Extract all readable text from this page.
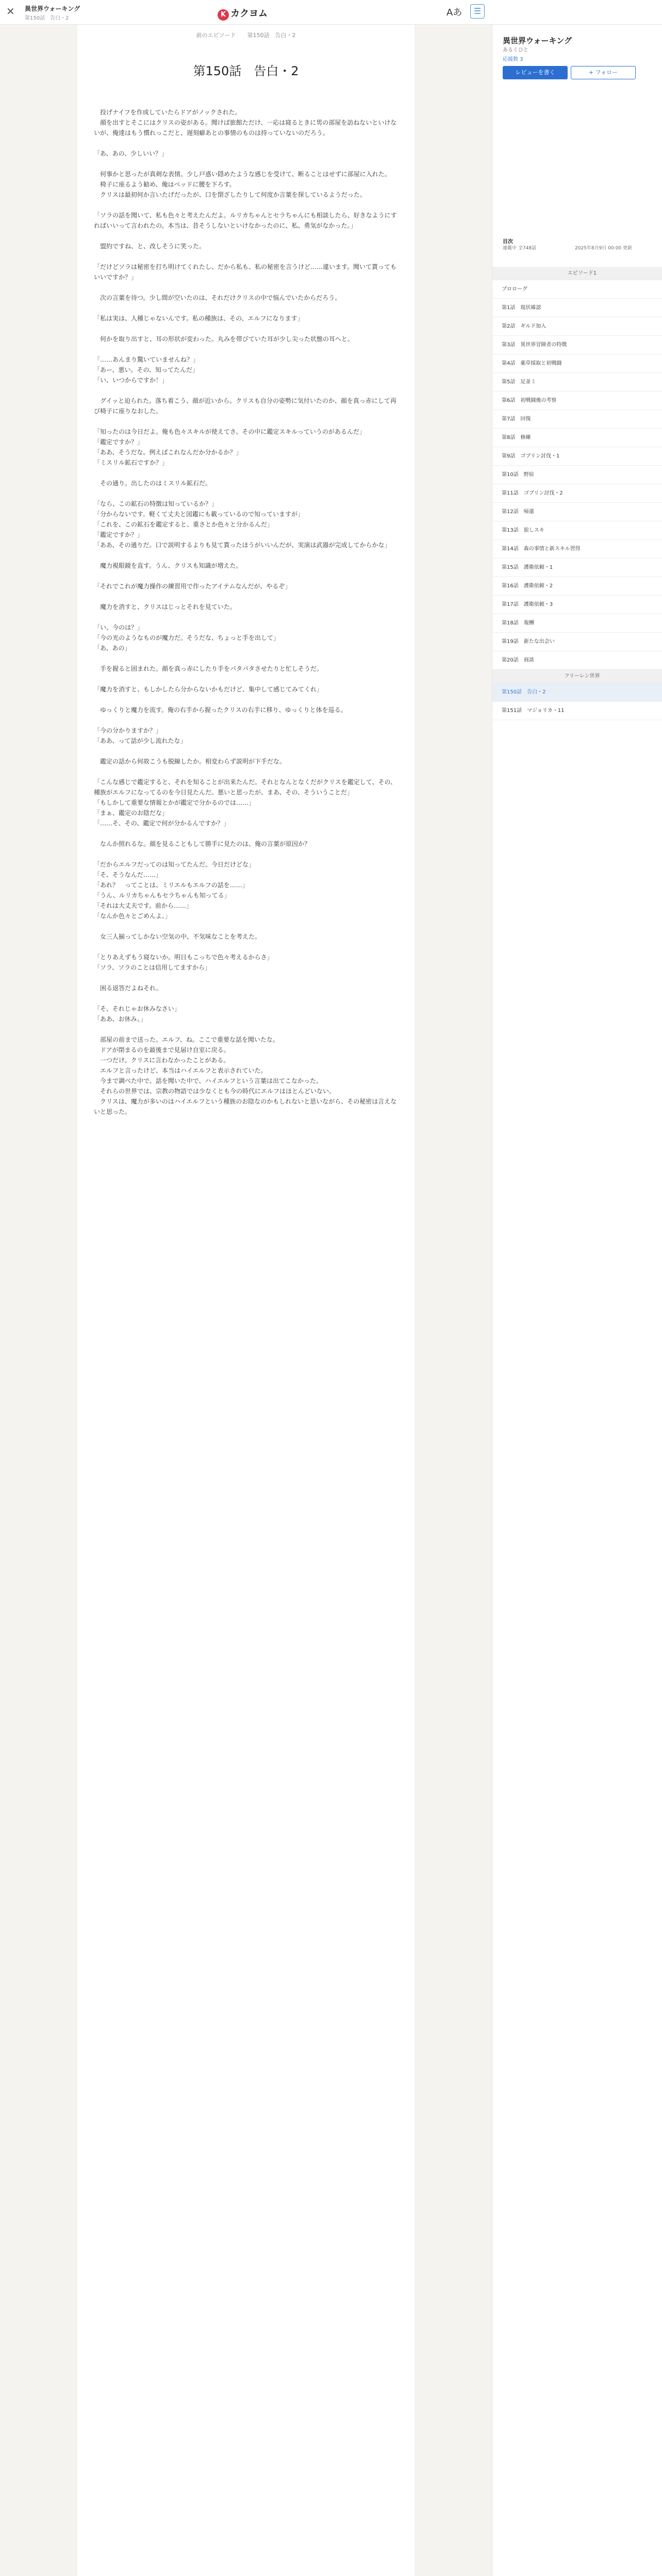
✕ 異世界ウォーキング
第150話　告白・2	K カクヨム	Aあ	☰
前のエピソード　　第150話　告白・2
第150話　告白・2

　投げナイフを作成していたらドアがノックされた。
　顔を出すとそこにはクリスの姿がある。聞けば旅館ただけ、一応は寝るときに男の部屋を訪ねないといけないが、俺達はもう慣れっこだと、遅刻癖あとの事情のものは持っていないのだろう。

「あ、あの、少しいい？」

　何事かと思ったが真剣な表情。少し戸惑い隠めたような感じを受けて、断ることはせずに部屋に入れた。
　椅子に座るよう勧め、俺はベッドに腰を下ろす。
　クリスは最初何か言いたげだったが、口を閉ざしたりして何度か言葉を探しているようだった。

「ソラの話を聞いて、私も色々と考えたんだよ。ルリカちゃんとセラちゃんにも相談したら、好きなようにすればいいって言われたの。本当は、昔そうしないといけなかったのに、私、勇気がなかった。」

　盟約ですね、と、改しそうに笑った。

「だけどソラは秘密を打ち明けてくれたし、だから私も、私の秘密を言うけど……違います。聞いて貰ってもいいですか？」

　次の言葉を待つ。少し間が空いたのは、それだけクリスの中で悩んでいたからだろう。

「私は実は、人種じゃないんです。私の種族は、その、エルフになります」

　何かを取り出すと、耳の形状が変わった。丸みを帯びていた耳が少し尖った状態の耳へと。

「……あんまり驚いていませんね？」
「あー、悪い。その、知ってたんだ」
「い、いつからですか！」

　グイッと迫られた。落ち着こう、顔が近いから。クリスも自分の姿勢に気付いたのか、顔を真っ赤にして再び椅子に座りなおした。

「知ったのは今日だよ。俺も色々スキルが使えてさ。その中に鑑定スキルっていうのがあるんだ」
「鑑定ですか？」
「ああ、そうだな。例えばこれなんだか分かるか？」
「ミスリル鉱石ですか？」

　その通り。出したのはミスリル鉱石だ。

「なら、この鉱石の特徴は知っているか？」
「分からないです。軽くて丈夫と図鑑にも載っているので知っていますが」
「これを、この鉱石を鑑定すると、重さとか色々と分かるんだ」
「鑑定ですか？」
「ああ、その通りだ。口で説明するよりも見て貰ったほうがいいんだが、実演は武器が完成してからかな」

　魔力視眼鏡を直す。うん、クリスも知識が増えた。

「それでこれが魔力操作の練習用で作ったアイテムなんだが、やるぞ」

　魔力を消すと、クリスはじっとそれを見ていた。

「い、今のは？」
「今の光のようなものが魔力だ。そうだな、ちょっと手を出して」
「あ、あの」

　手を握ると固まれた。顔を真っ赤にしたり手をパタパタさせたりと忙しそうだ。

「魔力を消すと、もしかしたら分からないかもだけど、集中して感じてみてくれ」

　ゆっくりと魔力を流す。俺の右手から握ったクリスの右手に移り、ゆっくりと体を巡る。

「今の分かりますか？」
「ああ、って話が少し流れたな」

　鑑定の話から何故こうも脱線したか。相変わらず説明が下手だな。

「こんな感じで鑑定すると、それを知ることが出来たんだ。それとなんとなくだがクリスを鑑定して、その、種族がエルフになってるのを今日見たんだ。悪いと思ったが、まあ、その、そういうことだ」
「もしかして重要な情報とかが鑑定で分かるのでは……」
「まぁ、鑑定のお陰だな」
「……そ、その、鑑定で何が分かるんですか？」

　なんか照れるな。顔を見ることもして勝手に見たのは、俺の言葉が原因か？

「だからエルフだってのは知ってたんだ。今日だけどな」
「そ、そうなんだ……」
「あれ？　ってことは、ミリエルもエルフの話を……」
「うん、ルリカちゃんもセラちゃんも知ってる」
「それは大丈夫です。前から……」
「なんか色々とごめんよ。」

　女三人揃ってしかない空気の中、不気味なことを考えた。

「とりあえずもう寝ないか。明日もこっちで色々考えるからさ」
「ソラ、ソラのことは信用してますから」

　困る返答だよねそれ。

「そ、それじゃお休みなさい」
「ああ、お休み。」

　部屋の前まで送った。エルフ、ね。ここで重要な話を聞いたな。
　ドアが閉まるのを最後まで見届け自室に戻る。
　一つだけ。クリスに言わなかったことがある。
　エルフと言ったけど、本当はハイエルフと表示されていた。
　今まで調べた中で、話を聞いた中で、ハイエルフという言葉は出てこなかった。
　それらの世界では、宗教の物語では少なくとも今の時代にエルフはほとんどいない。
　クリスは、魔力が多いのはハイエルフという種族のお陰なのかもしれないと思いながら、その秘密は言えないと思った。

異世界ウォーキング
あるくひと
応援数 3
レビューを書く	+ フォロー
目次
連載中 全748話	2025年8月9日 00:00 更新
エピソード1
プロローグ
第1話　現状確認
第2話　ギルド加入
第3話　異世界冒険者の特徴
第4話　薬草採取と初戦闘
第5話　足並ミ
第6話　初戦闘後の考察
第7話　回復
第8話　修練
第9話　ゴブリン討伐・1
第10話　野宿
第11話　ゴブリン討伐・2
第12話　帰還
第13話　狼しスキ
第14話　森の事情と新スキル習得
第15話　護衛依頼・1
第16話　護衛依頼・2
第17話　護衛依頼・3
第18話　報酬
第19話　新たな出会い
第20話　商談
フリーレン世界
第150話　告白・2
第151話　マジョリカ・11
